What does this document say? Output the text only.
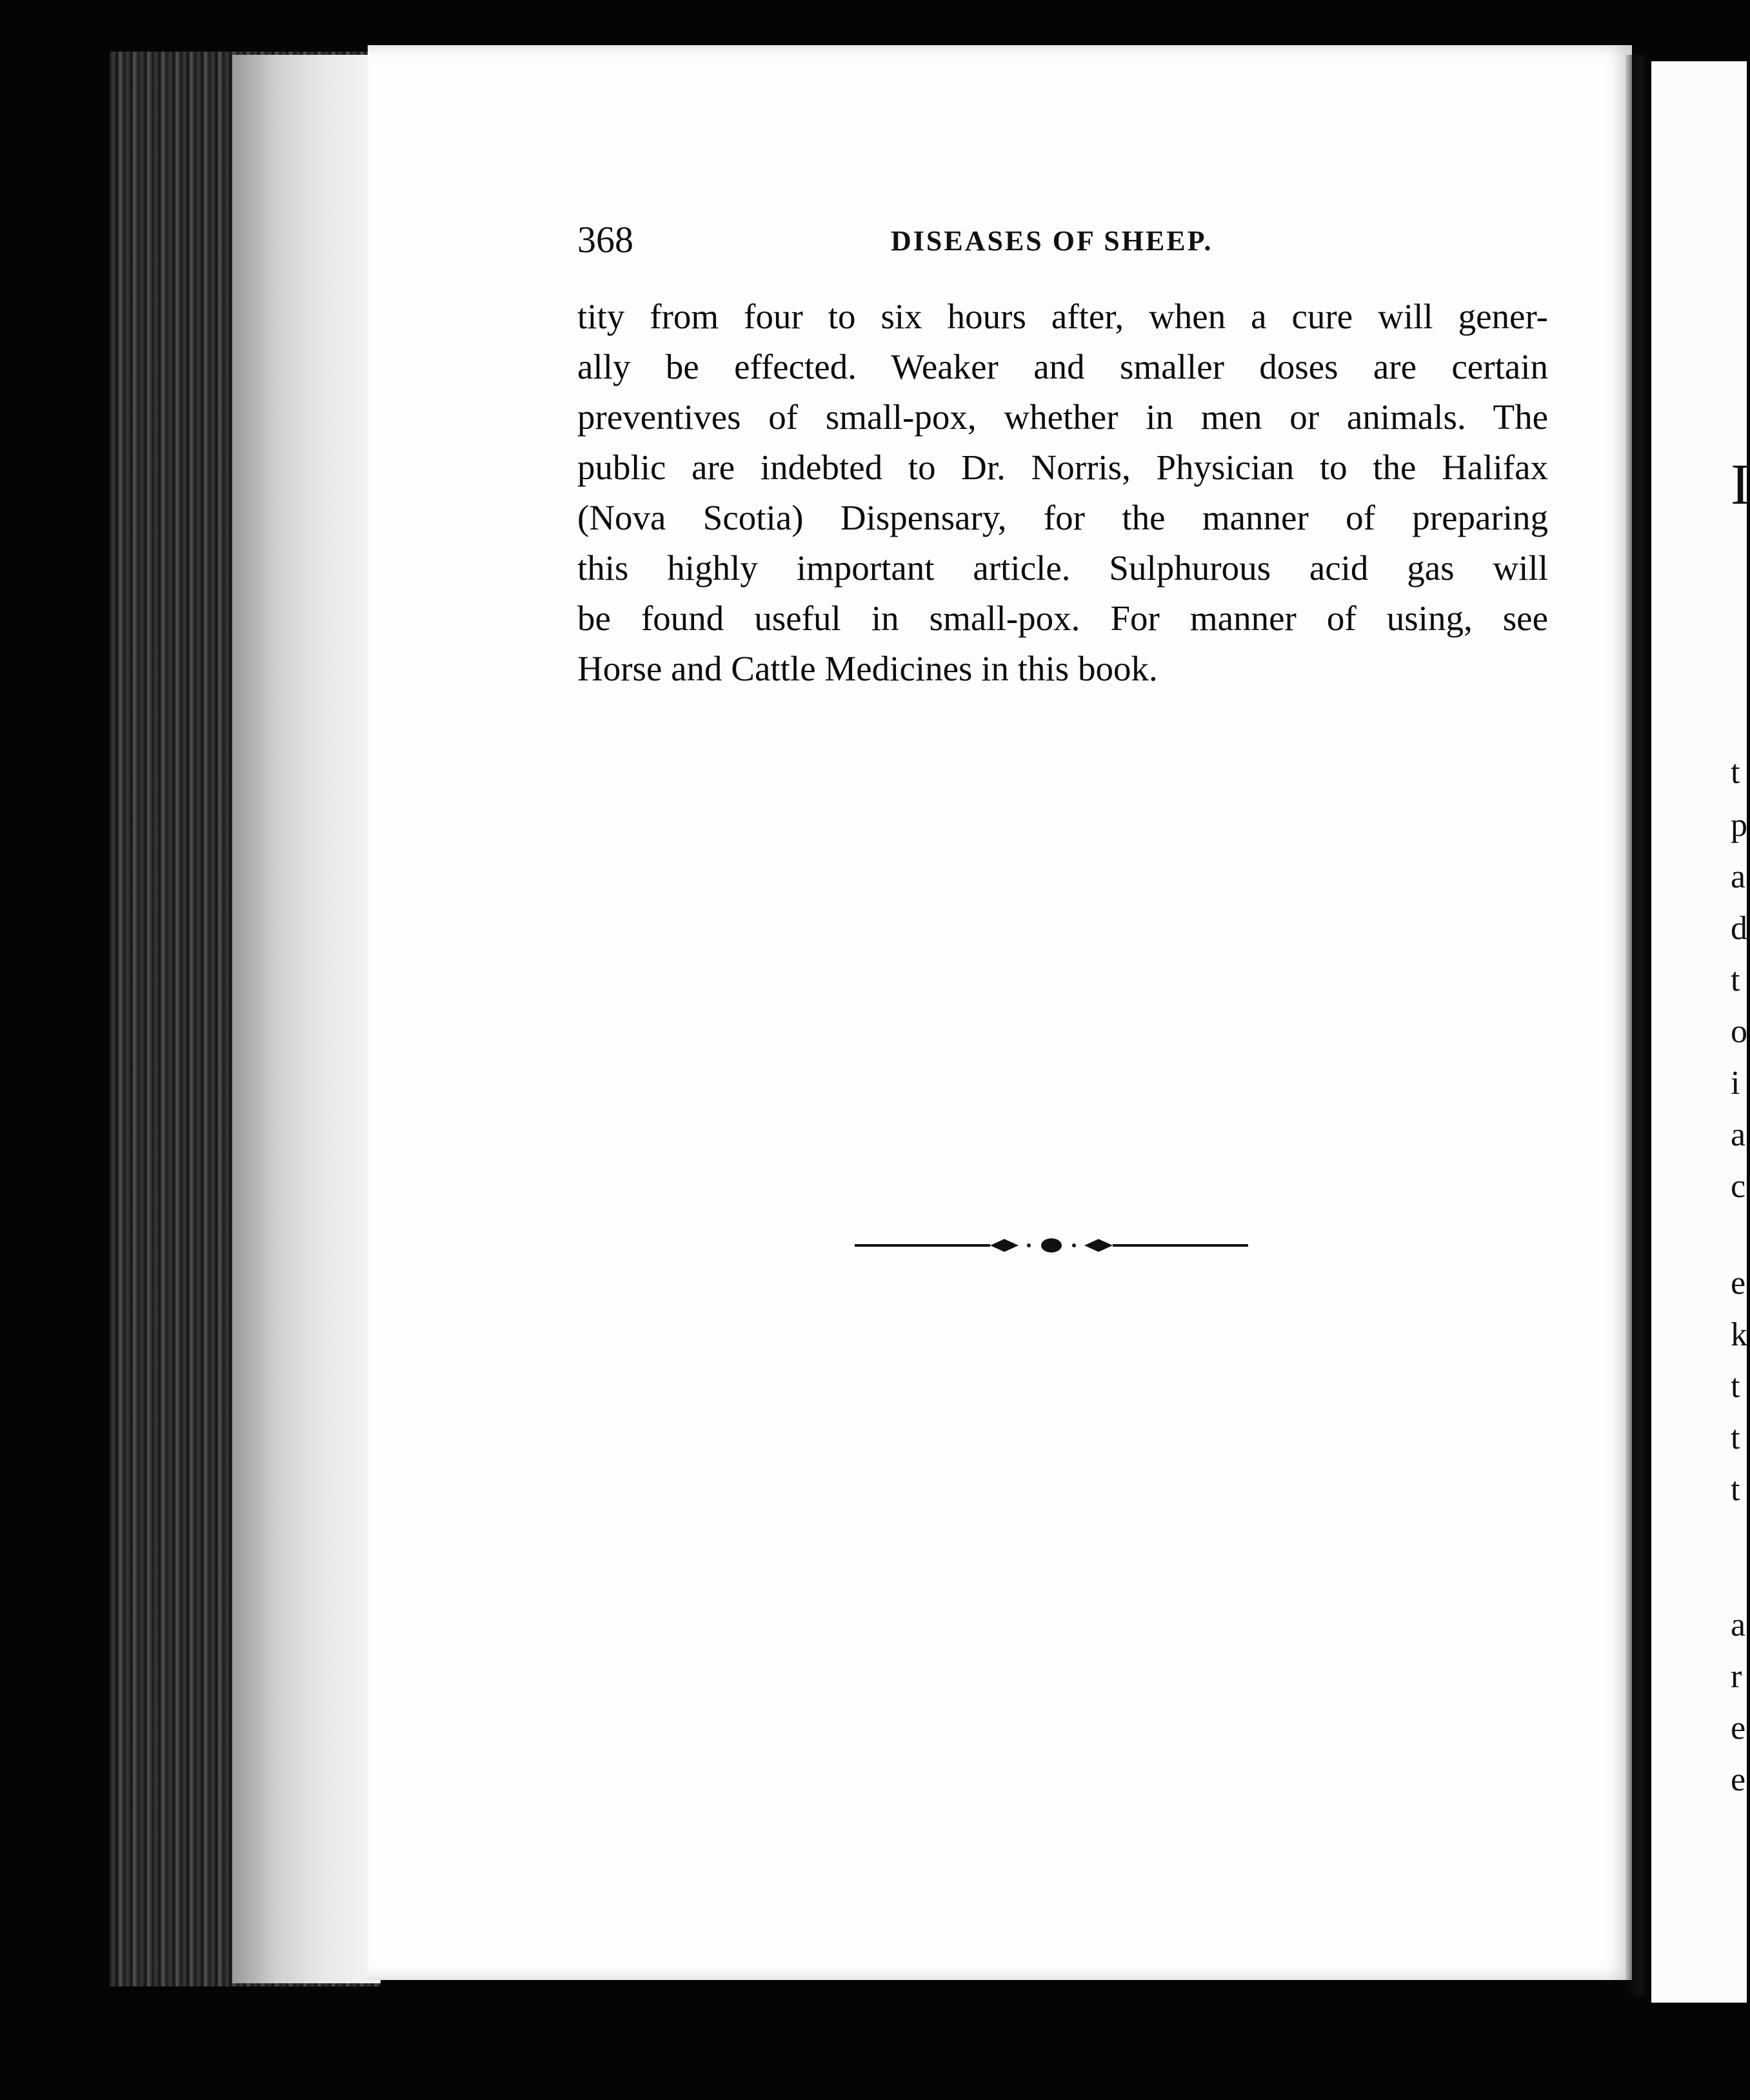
368	DISEASES OF SHEEP.
tity from four to six hours after, when a cure will gener-
ally be effected. Weaker and smaller doses are certain
preventives of small-pox, whether in men or animals. The
public are indebted to Dr. Norris, Physician to the Halifax
(Nova Scotia) Dispensary, for the manner of preparing
this highly important article. Sulphurous acid gas will
be found useful in small-pox. For manner of using, see
Horse and Cattle Medicines in this book.
I
t
p
a
d
t
o
i
a
c
e
k
t
t
t
a
r
e
e
